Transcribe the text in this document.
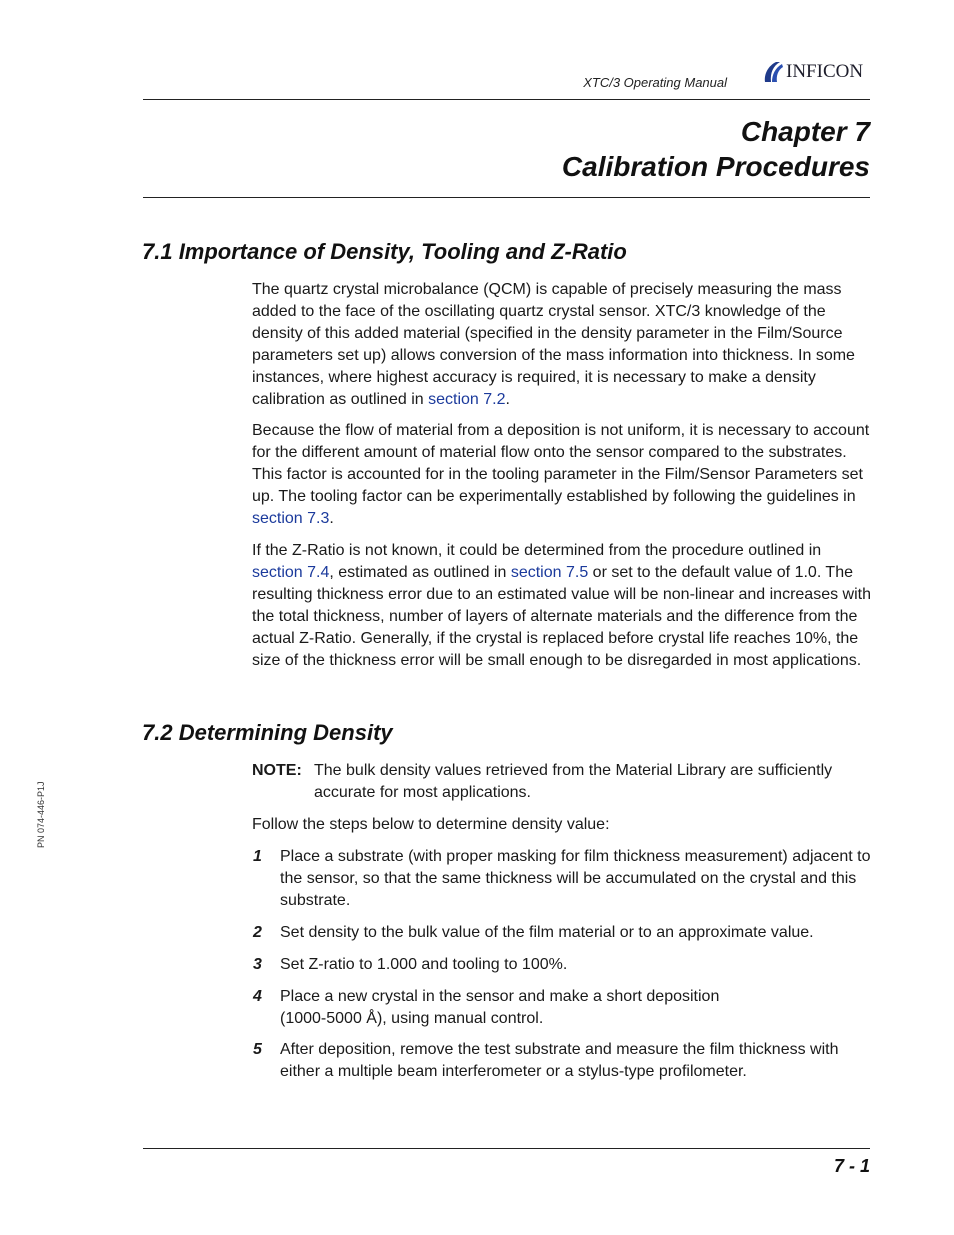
XTC/3 Operating Manual
INFICON
Chapter 7
Calibration Procedures
7.1 Importance of Density, Tooling and Z-Ratio

The quartz crystal microbalance (QCM) is capable of precisely measuring the mass added to the face of the oscillating quartz crystal sensor. XTC/3 knowledge of the density of this added material (specified in the density parameter in the Film/Source parameters set up) allows conversion of the mass information into thickness. In some instances, where highest accuracy is required, it is necessary to make a density calibration as outlined in section 7.2.

Because the flow of material from a deposition is not uniform, it is necessary to account for the different amount of material flow onto the sensor compared to the substrates. This factor is accounted for in the tooling parameter in the Film/Sensor Parameters set up. The tooling factor can be experimentally established by following the guidelines in section 7.3.

If the Z-Ratio is not known, it could be determined from the procedure outlined in section 7.4, estimated as outlined in section 7.5 or set to the default value of 1.0. The resulting thickness error due to an estimated value will be non-linear and increases with the total thickness, number of layers of alternate materials and the difference from the actual Z-Ratio. Generally, if the crystal is replaced before crystal life reaches 10%, the size of the thickness error will be small enough to be disregarded in most applications.

7.2 Determining Density
NOTE: The bulk density values retrieved from the Material Library are sufficiently accurate for most applications.

Follow the steps below to determine density value:

1 Place a substrate (with proper masking for film thickness measurement) adjacent to the sensor, so that the same thickness will be accumulated on the crystal and this substrate.

2 Set density to the bulk value of the film material or to an approximate value.

3 Set Z-ratio to 1.000 and tooling to 100%.

4 Place a new crystal in the sensor and make a short deposition (1000-5000 Å), using manual control.

5 After deposition, remove the test substrate and measure the film thickness with either a multiple beam interferometer or a stylus-type profilometer.

PN 074-446-P1J
7 - 1
